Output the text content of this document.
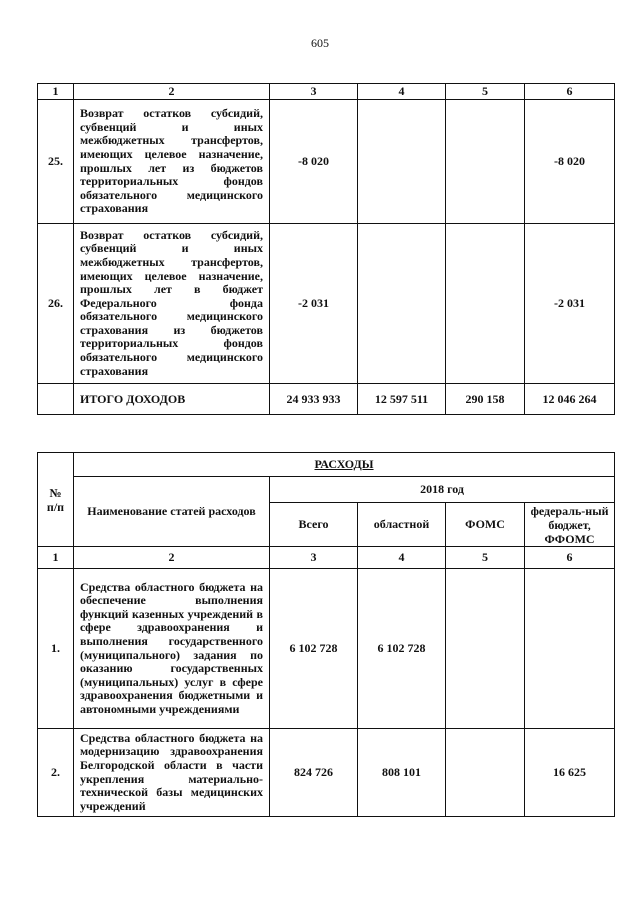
605
1	2	3	4	5	6
25.	Возврат остатков субсидий, субвенций и иных межбюджетных трансфертов, имеющих целевое назначение, прошлых лет из бюджетов территориальных фондов обязательного медицинского страхования	-8 020			-8 020
26.	Возврат остатков субсидий, субвенций и иных межбюджетных трансфертов, имеющих целевое назначение, прошлых лет в бюджет Федерального фонда обязательного медицинского страхования из бюджетов территориальных фондов обязательного медицинского страхования	-2 031			-2 031
	ИТОГО ДОХОДОВ	24 933 933	12 597 511	290 158	12 046 264
№ п/п	РАСХОДЫ				
	Наименование статей расходов	2018 год			
		Всего	областной	ФОМС	федераль-ный бюджет, ФФОМС
1	2	3	4	5	6
1.	Средства областного бюджета на обеспечение выполнения функций казенных учреждений в сфере здравоохранения и выполнения государственного (муниципального) задания по оказанию государственных (муниципальных) услуг в сфере здравоохранения бюджетными и автономными учреждениями	6 102 728	6 102 728		
2.	Средства областного бюджета на модернизацию здравоохранения Белгородской области в части укрепления материально-технической базы медицинских учреждений	824 726	808 101		16 625
